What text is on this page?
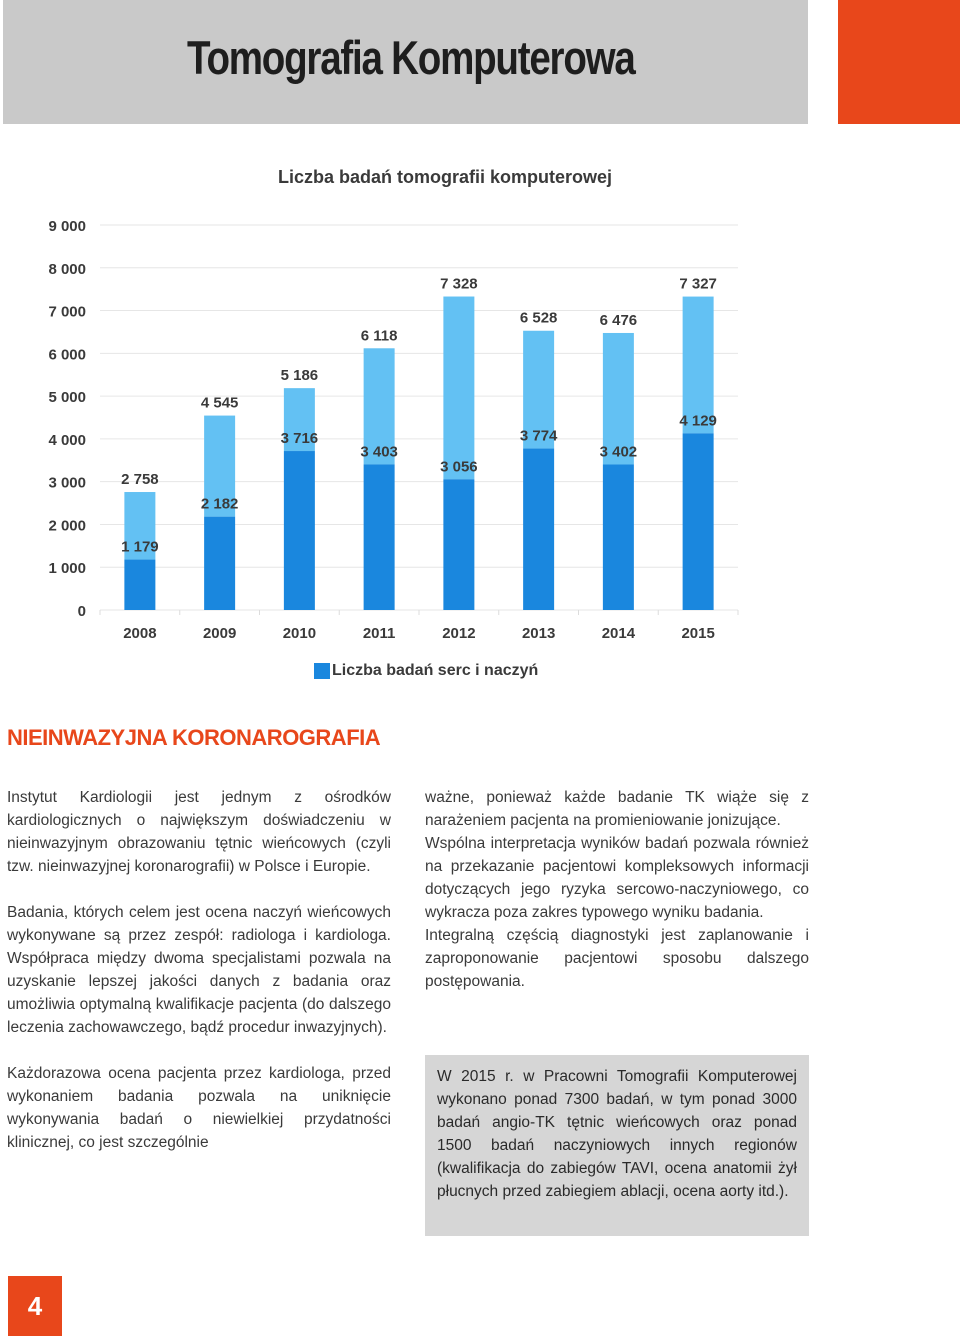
Tomografia Komputerowa
Liczba badań tomografii komputerowej
0
1 000
2 000
3 000
4 000
5 000
6 000
7 000
8 000
9 000
2 758
1 179
2008
4 545
2 182
2009
5 186
3 716
2010
6 118
3 403
2011
7 328
3 056
2012
6 528
3 774
2013
6 476
3 402
2014
7 327
4 129
2015
Liczba badań serc i naczyń
NIEINWAZYJNA KORONAROGRAFIA

Instytut Kardiologii jest jednym z ośrodków kardiologicznych o największym doświadczeniu w nieinwazyjnym obrazowaniu tętnic wieńcowych (czyli tzw. nieinwazyjnej koronarografii) w Polsce i Europie.

Badania, których celem jest ocena naczyń wieńcowych wykonywane są przez zespół: radiologa i kardiologa. Współpraca między dwoma specjalistami pozwala na uzyskanie lepszej jakości danych z badania oraz umożliwia optymalną kwalifikacje pacjenta (do dalszego leczenia zachowawczego, bądź procedur inwazyjnych).

Każdorazowa ocena pacjenta przez kardiologa, przed wykonaniem badania pozwala na uniknięcie wykonywania badań o niewielkiej przydatności klinicznej, co jest szczególnie

ważne, ponieważ każde badanie TK wiąże się z narażeniem pacjenta na promieniowanie jonizujące.

Wspólna interpretacja wyników badań pozwala również na przekazanie pacjentowi kompleksowych informacji dotyczących jego ryzyka sercowo-naczyniowego, co wykracza poza zakres typowego wyniku badania.

Integralną częścią diagnostyki jest zaplanowanie i zaproponowanie pacjentowi sposobu dalszego postępowania.

W 2015 r. w Pracowni Tomografii Komputerowej wykonano ponad 7300 badań, w tym ponad 3000 badań angio-TK tętnic wieńcowych oraz ponad 1500 badań naczyniowych innych regionów (kwalifikacja do zabiegów TAVI, ocena anatomii żył płucnych przed zabiegiem ablacji, ocena aorty itd.).
4
